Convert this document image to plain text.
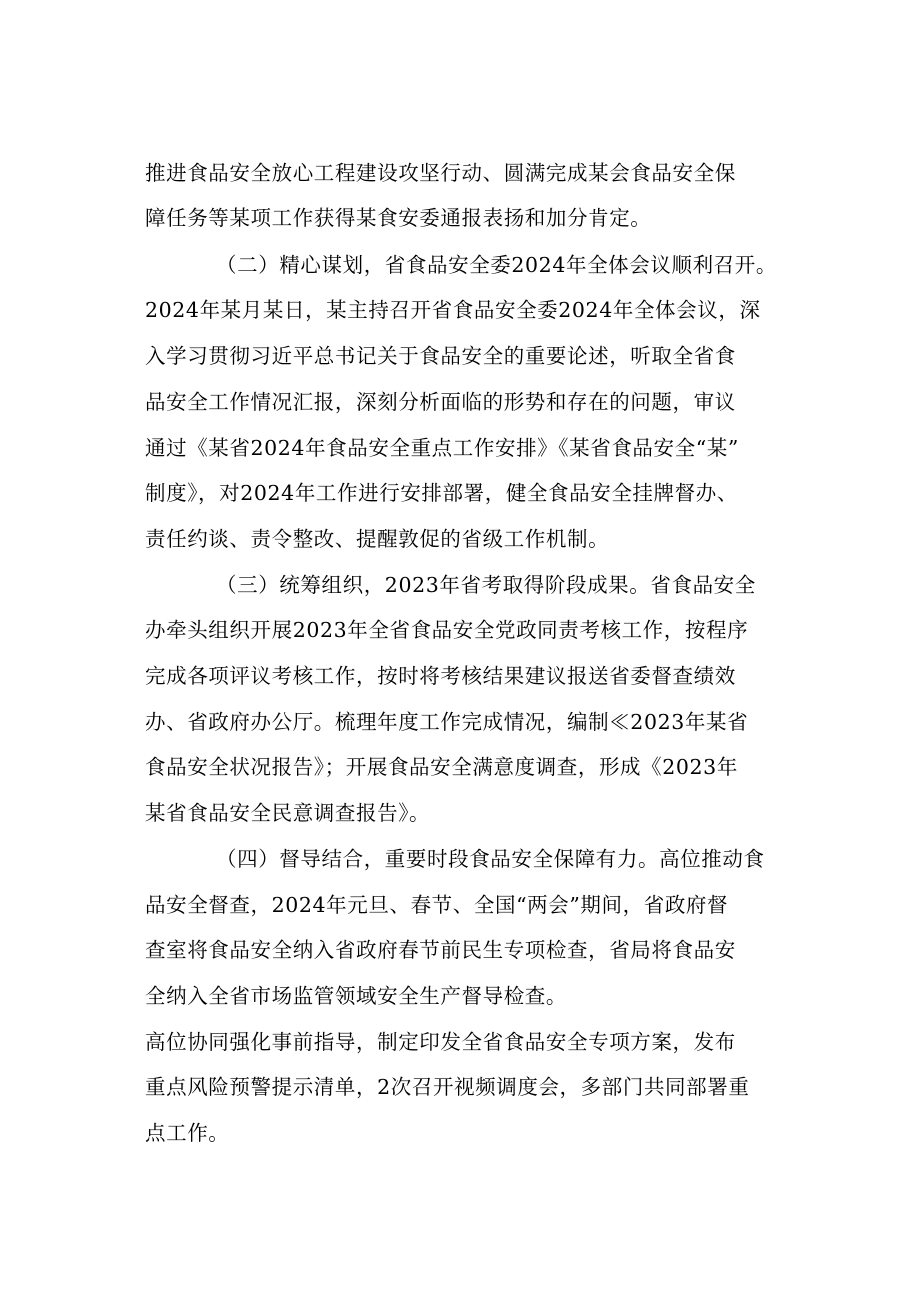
推进食品安全放心工程建设攻坚行动、圆满完成某会食品安全保

障任务等某项工作获得某食安委通报表扬和加分肯定。

（二）精心谋划，省食品安全委2024年全体会议顺利召开。

2024年某月某日，某主持召开省食品安全委2024年全体会议，深

入学习贯彻习近平总书记关于食品安全的重要论述，听取全省食

品安全工作情况汇报，深刻分析面临的形势和存在的问题，审议

通过《某省2024年食品安全重点工作安排》《某省食品安全“某”

制度》，对2024年工作进行安排部署，健全食品安全挂牌督办、

责任约谈、责令整改、提醒敦促的省级工作机制。

（三）统筹组织，2023年省考取得阶段成果。省食品安全

办牵头组织开展2023年全省食品安全党政同责考核工作，按程序

完成各项评议考核工作，按时将考核结果建议报送省委督查绩效

办、省政府办公厅。梳理年度工作完成情况，编制≪2023年某省

食品安全状况报告》；开展食品安全满意度调查，形成《2023年

某省食品安全民意调查报告》。

（四）督导结合，重要时段食品安全保障有力。高位推动食

品安全督查，2024年元旦、春节、全国“两会”期间，省政府督

查室将食品安全纳入省政府春节前民生专项检查，省局将食品安

全纳入全省市场监管领域安全生产督导检查。

高位协同强化事前指导，制定印发全省食品安全专项方案，发布

重点风险预警提示清单，2次召开视频调度会，多部门共同部署重

点工作。
